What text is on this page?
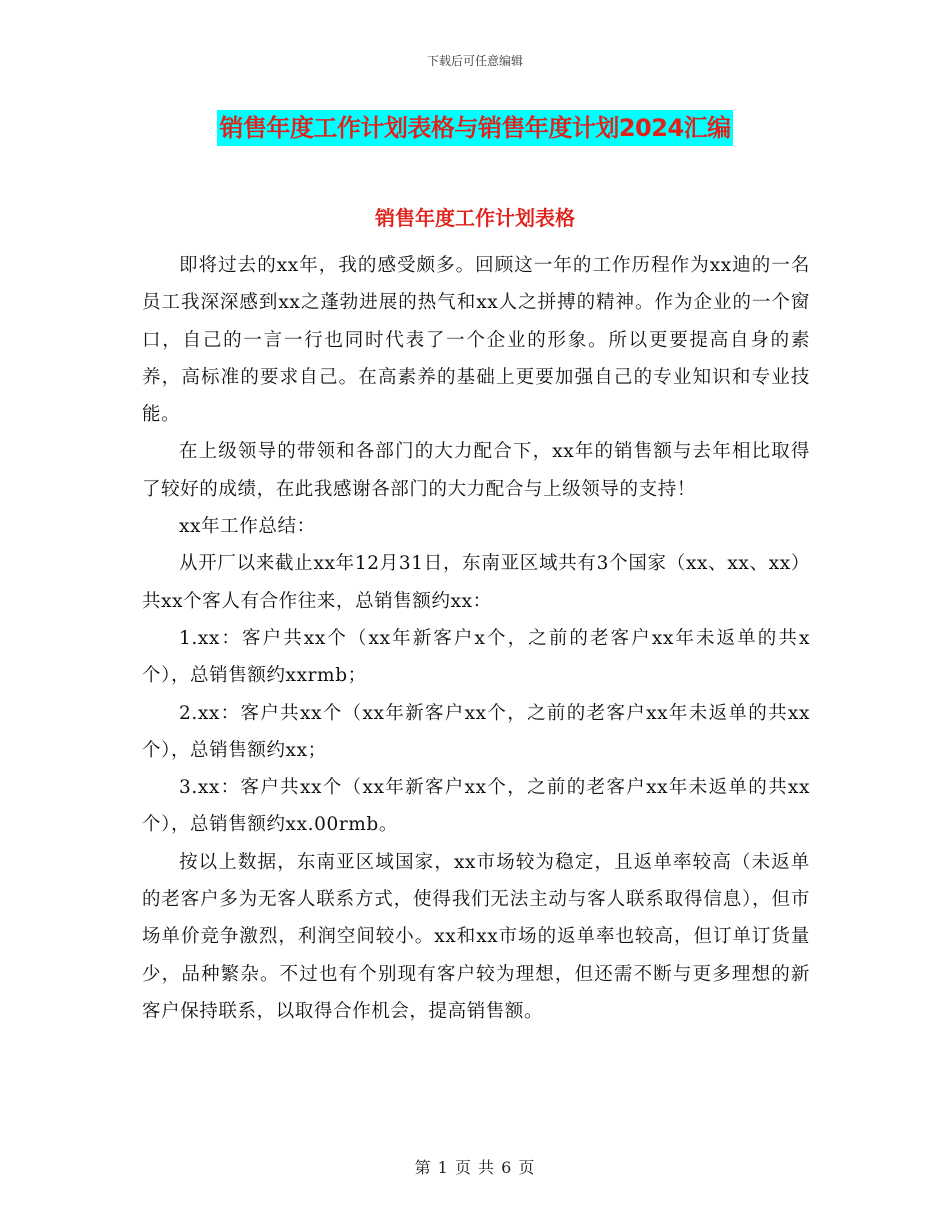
下载后可任意编辑
销售年度工作计划表格与销售年度计划2024汇编
销售年度工作计划表格

即将过去的xx年，我的感受颇多。回顾这一年的工作历程作为xx迪的一名员工我深深感到xx之蓬勃进展的热气和xx人之拼搏的精神。作为企业的一个窗口，自己的一言一行也同时代表了一个企业的形象。所以更要提高自身的素养，高标准的要求自己。在高素养的基础上更要加强自己的专业知识和专业技能。

在上级领导的带领和各部门的大力配合下，xx年的销售额与去年相比取得了较好的成绩，在此我感谢各部门的大力配合与上级领导的支持！

xx年工作总结：

从开厂以来截止xx年12月31日，东南亚区域共有3个国家（xx、xx、xx）共xx个客人有合作往来，总销售额约xx：

1.xx：客户共xx个（xx年新客户x个，之前的老客户xx年未返单的共x个），总销售额约xxrmb；

2.xx：客户共xx个（xx年新客户xx个，之前的老客户xx年未返单的共xx个），总销售额约xx；

3.xx：客户共xx个（xx年新客户xx个，之前的老客户xx年未返单的共xx个），总销售额约xx.00rmb。

按以上数据，东南亚区域国家，xx市场较为稳定，且返单率较高（未返单的老客户多为无客人联系方式，使得我们无法主动与客人联系取得信息），但市场单价竞争激烈，利润空间较小。xx和xx市场的返单率也较高，但订单订货量少，品种繁杂。不过也有个别现有客户较为理想，但还需不断与更多理想的新客户保持联系，以取得合作机会，提高销售额。

第 1 页 共 6 页
